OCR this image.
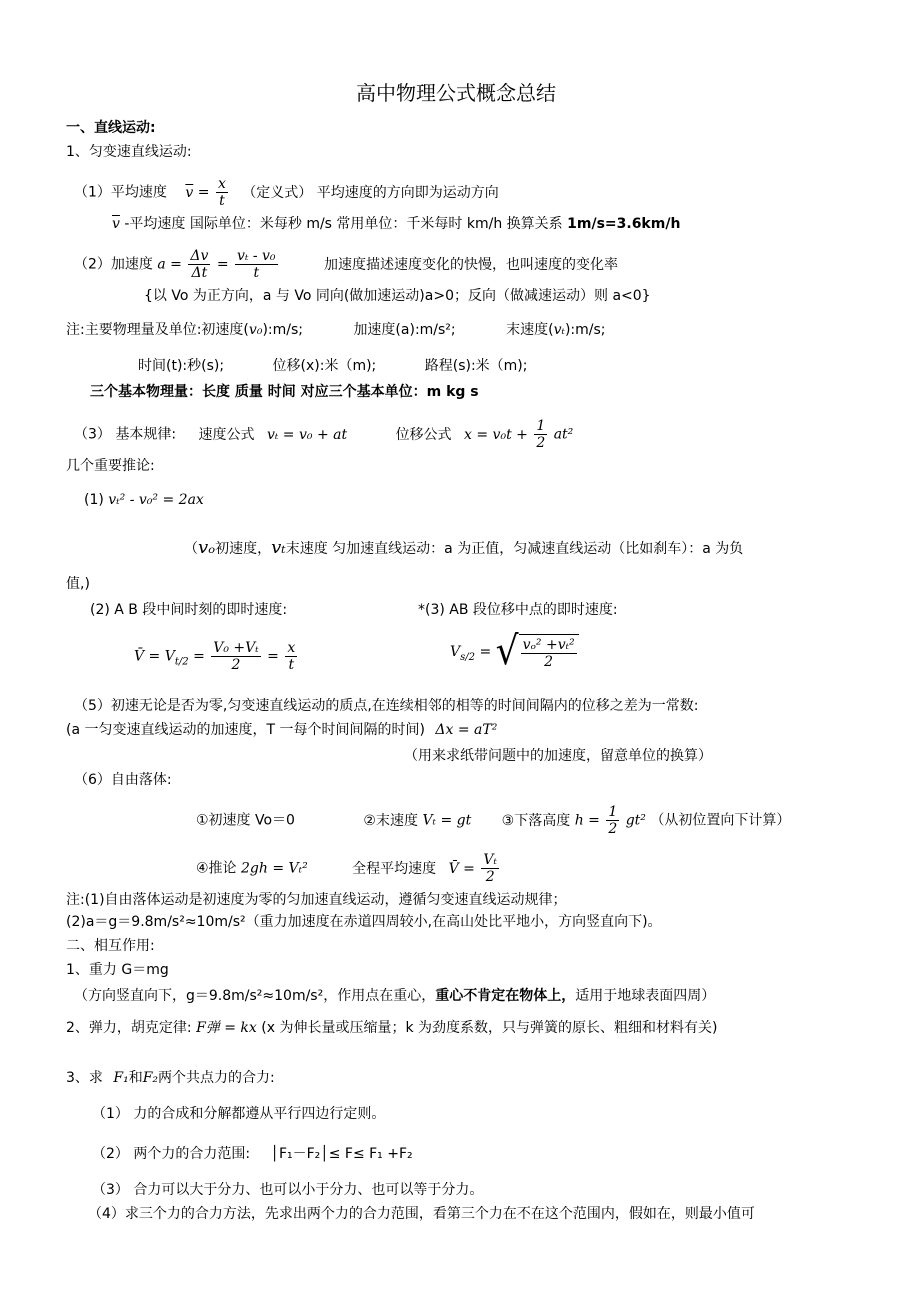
高中物理公式概念总结
一、直线运动:
1、匀变速直线运动:
（1）平均速度 $\overline{v} = \frac{x}{t}$ （定义式） 平均速度的方向即为运动方向
$\overline{v}$ -平均速度 国际单位：米每秒 m/s 常用单位：千米每时 km/h 换算关系 1m/s=3.6km/h
（2）加速度 $a = \frac{\Delta v}{\Delta t} = \frac{\text{vₜ - v₀}}{t}$	加速度描述速度变化的快慢，也叫速度的变化率
{以 Vo 为正方向，a 与 Vo 同向(做加速运动)a>0；反向（做减速运动）则 a<0}
注:主要物理量及单位:初速度(v₀):m/s;	加速度(a):m/s²;	末速度(vₜ):m/s;
时间(t):秒(s);	位移(x):米（m);	路程(s):米（m);
三个基本物理量：长度 质量 时间 对应三个基本单位：m kg s
（3） 基本规律: 速度公式 vₜ = v₀ + at	位移公式 $x = v_0t + \frac{1}{2} at^2$
几个重要推论:
(1) vₜ² - v₀² = 2ax
（vₒ初速度，vₜ末速度 匀加速直线运动：a 为正值，匀减速直线运动（比如刹车）：a 为负
值,)
(2) A B 段中间时刻的即时速度:	*(3) AB 段位移中点的即时速度:
V̄ = $V_{t/2} = \frac{\text{V₀ +Vₜ}}{2} = \frac{x}{t}$	$V_{s/2}$ = √ $\frac{\text{vₒ² +vₜ²}}{2}$
（5）初速无论是否为零,匀变速直线运动的质点,在连续相邻的相等的时间间隔内的位移之差为一常数:
(a 一匀变速直线运动的加速度，T 一每个时间间隔的时间) Δx = aT²
（用来求纸带问题中的加速度，留意单位的换算）
（6）自由落体:
①初速度 Vo＝0	②末速度 Vₜ = gt ③下落高度 $h = \frac{1}{2} gt^2$ （从初位置向下计算）
④推论 2gh = Vₜ²	全程平均速度 V̄ = $\frac{\text{Vₜ}}{2}$
注:(1)自由落体运动是初速度为零的匀加速直线运动，遵循匀变速直线运动规律；
(2)a＝g＝9.8m/s²≈10m/s²（重力加速度在赤道四周较小,在高山处比平地小，方向竖直向下)。
二、相互作用:
1、重力 G＝mg
（方向竖直向下，g＝9.8m/s²≈10m/s²，作用点在重心，重心不肯定在物体上，适用于地球表面四周）
2、弹力，胡克定律: F弹 = kx (x 为伸长量或压缩量；k 为劲度系数，只与弹簧的原长、粗细和材料有关)
3、求 F₁和F₂两个共点力的合力:
（1） 力的合成和分解都遵从平行四边行定则。
（2） 两个力的合力范围: │F₁－F₂│≤ F≤ F₁ +F₂
（3） 合力可以大于分力、也可以小于分力、也可以等于分力。
（4）求三个力的合力方法，先求出两个力的合力范围，看第三个力在不在这个范围内，假如在，则最小值可
